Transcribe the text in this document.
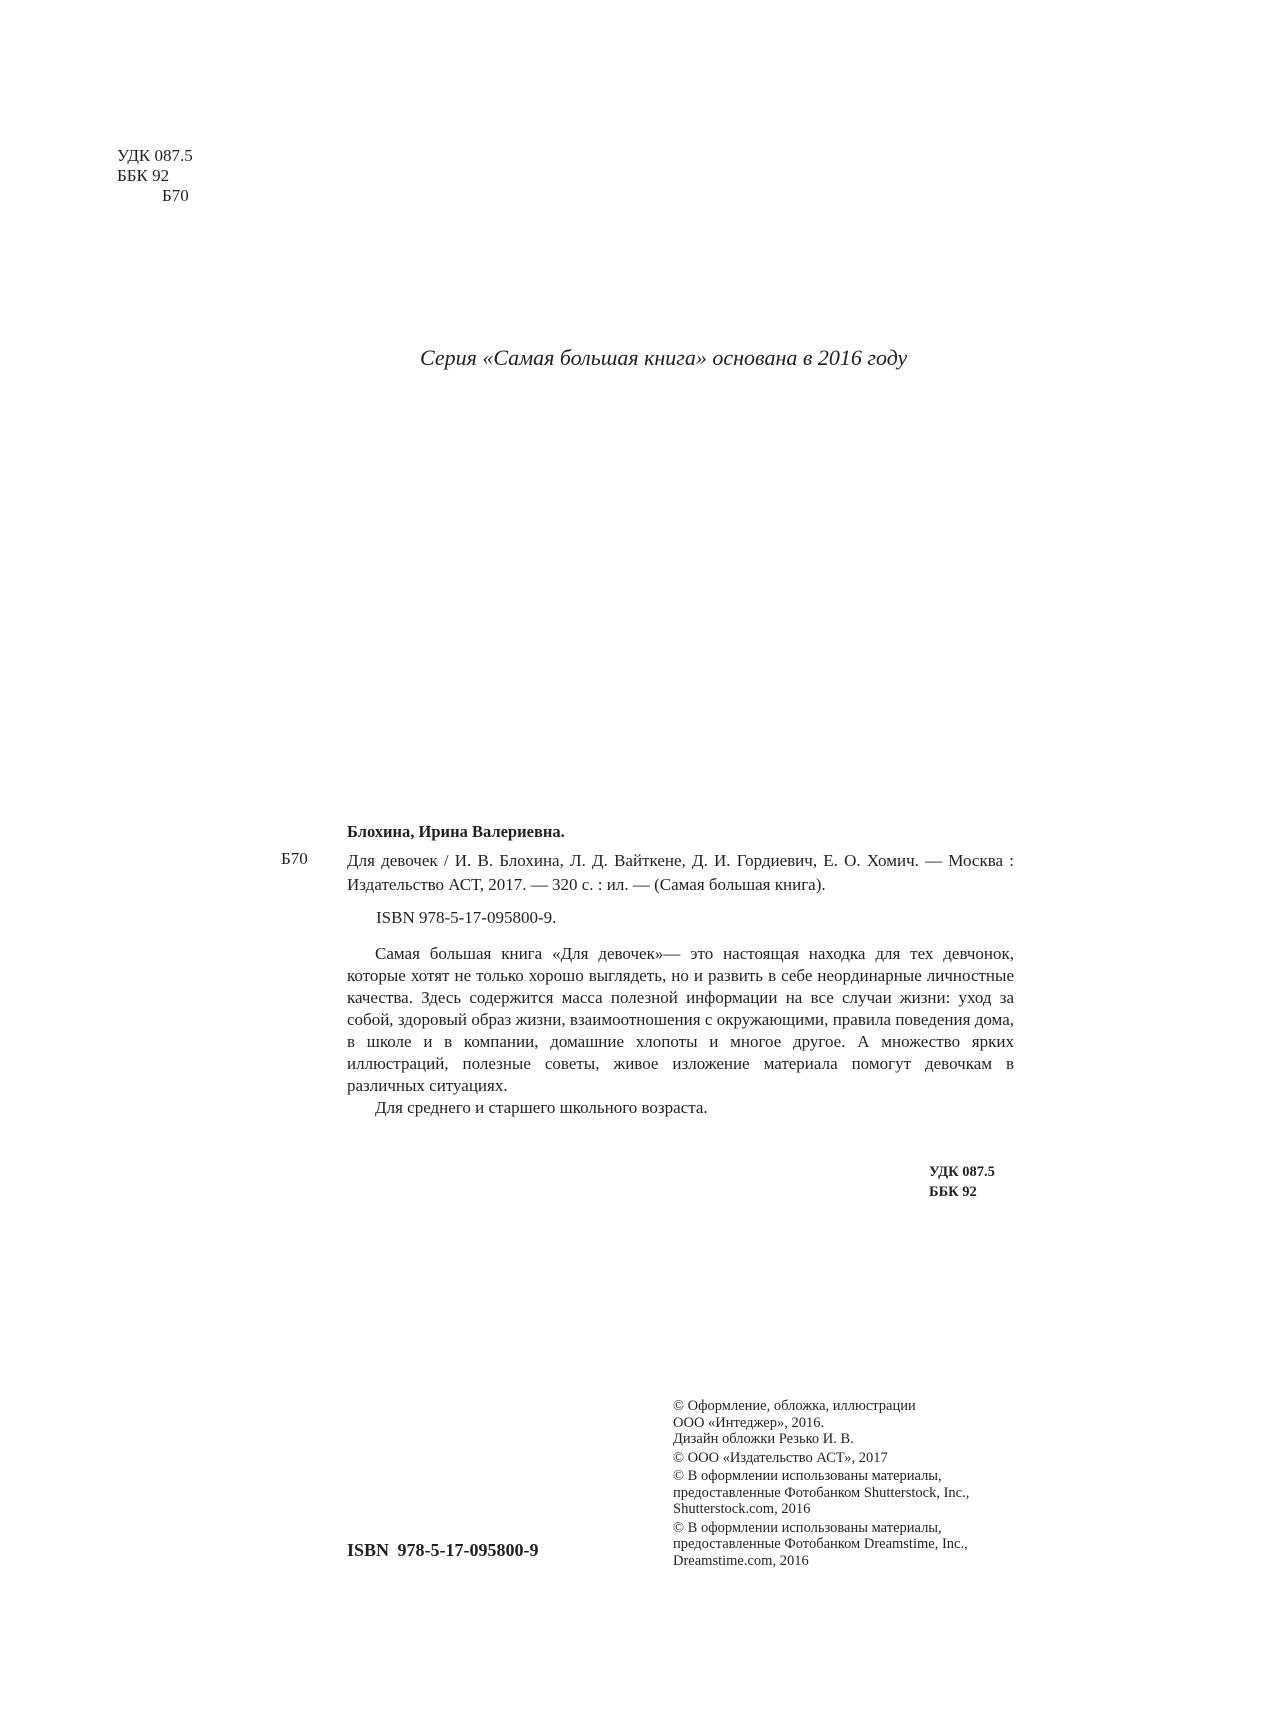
УДК 087.5
ББК 92
Б70
Серия «Самая большая книга» основана в 2016 году
Блохина, Ирина Валериевна.
Б70 Для девочек / И. В. Блохина, Л. Д. Вайткене, Д. И. Гордиевич, Е. О. Хомич. — Москва : Издательство АСТ, 2017. — 320 с. : ил. — (Самая большая книга).

ISBN 978-5-17-095800-9.
Самая большая книга «Для девочек»— это настоящая находка для тех девчонок, которые хотят не только хорошо выглядеть, но и развить в себе неординарные личностные качества. Здесь содержится масса полезной информации на все случаи жизни: уход за собой, здоровый образ жизни, взаимоотношения с окружающими, правила поведения дома, в школе и в компании, домашние хлопоты и многое другое. А множество ярких иллюстраций, полезные советы, живое изложение материала помогут девочкам в различных ситуациях.
Для среднего и старшего школьного возраста.
УДК 087.5
ББК 92
© Оформление, обложка, иллюстрации
ООО «Интеджер», 2016.
Дизайн обложки Резько И. В.
© ООО «Издательство АСТ», 2017
© В оформлении использованы материалы,
предоставленные Фотобанком Shutterstock, Inc.,
Shutterstock.com, 2016
© В оформлении использованы материалы,
предоставленные Фотобанком Dreamstime, Inc.,
Dreamstime.com, 2016
ISBN 978-5-17-095800-9
